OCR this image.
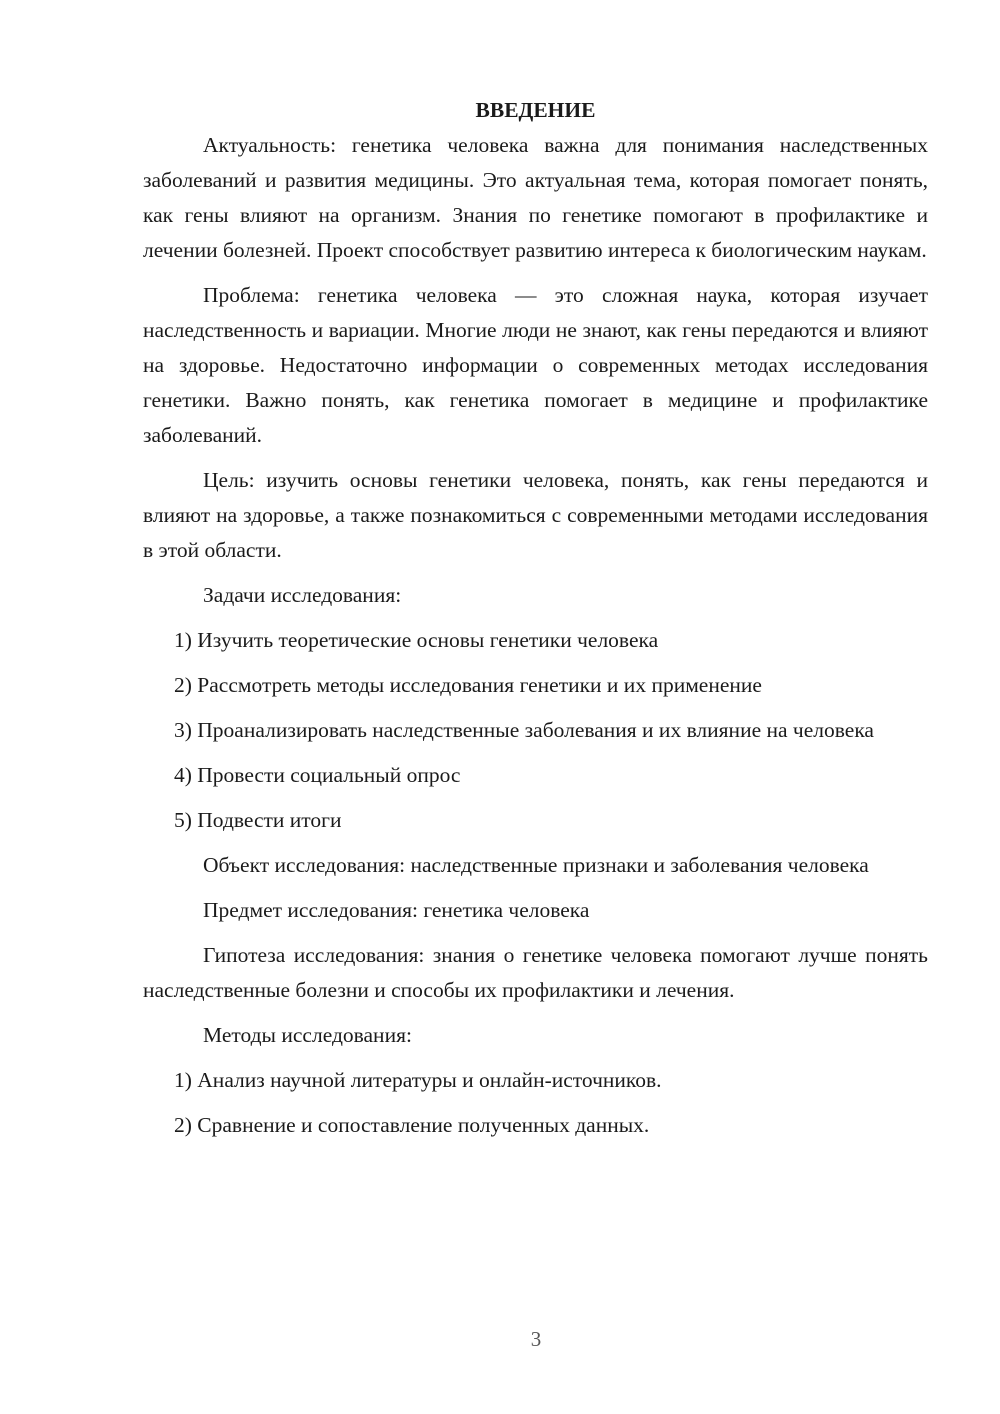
ВВЕДЕНИЕ

Актуальность: генетика человека важна для понимания наследственных заболеваний и развития медицины. Это актуальная тема, которая помогает понять, как гены влияют на организм. Знания по генетике помогают в профилактике и лечении болезней. Проект способствует развитию интереса к биологическим наукам.

Проблема: генетика человека — это сложная наука, которая изучает наследственность и вариации. Многие люди не знают, как гены передаются и влияют на здоровье. Недостаточно информации о современных методах исследования генетики. Важно понять, как генетика помогает в медицине и профилактике заболеваний.

Цель: изучить основы генетики человека, понять, как гены передаются и влияют на здоровье, а также познакомиться с современными методами исследования в этой области.

Задачи исследования:

1) Изучить теоретические основы генетики человека

2) Рассмотреть методы исследования генетики и их применение

3) Проанализировать наследственные заболевания и их влияние на человека

4) Провести социальный опрос

5) Подвести итоги

Объект исследования: наследственные признаки и заболевания человека

Предмет исследования: генетика человека

Гипотеза исследования: знания о генетике человека помогают лучше понять наследственные болезни и способы их профилактики и лечения.

Методы исследования:

1) Анализ научной литературы и онлайн-источников.

2) Сравнение и сопоставление полученных данных.

3
